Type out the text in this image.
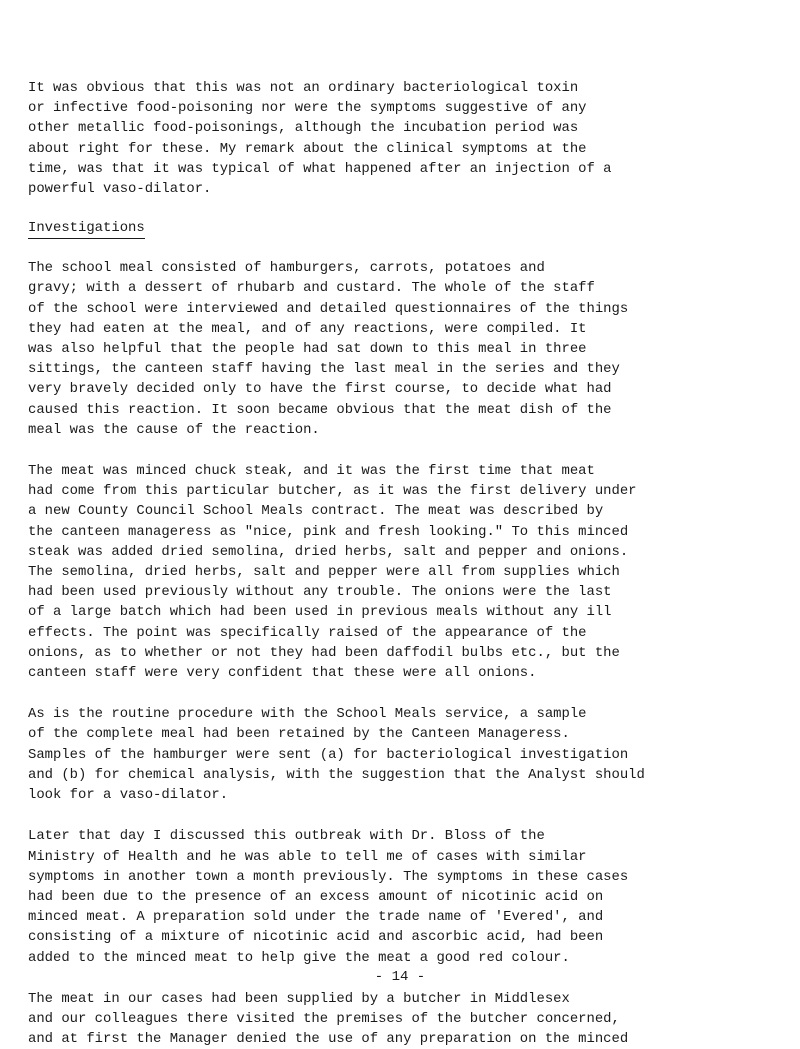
It was obvious that this was not an ordinary bacteriological toxin
or infective food-poisoning nor were the symptoms suggestive of any
other metallic food-poisonings, although the incubation period was
about right for these. My remark about the clinical symptoms at the
time, was that it was typical of what happened after an injection of a
powerful vaso-dilator.

Investigations

The school meal consisted of hamburgers, carrots, potatoes and
gravy; with a dessert of rhubarb and custard. The whole of the staff
of the school were interviewed and detailed questionnaires of the things
they had eaten at the meal, and of any reactions, were compiled. It
was also helpful that the people had sat down to this meal in three
sittings, the canteen staff having the last meal in the series and they
very bravely decided only to have the first course, to decide what had
caused this reaction. It soon became obvious that the meat dish of the
meal was the cause of the reaction.

The meat was minced chuck steak, and it was the first time that meat
had come from this particular butcher, as it was the first delivery under
a new County Council School Meals contract. The meat was described by
the canteen manageress as "nice, pink and fresh looking." To this minced
steak was added dried semolina, dried herbs, salt and pepper and onions.
The semolina, dried herbs, salt and pepper were all from supplies which
had been used previously without any trouble. The onions were the last
of a large batch which had been used in previous meals without any ill
effects. The point was specifically raised of the appearance of the
onions, as to whether or not they had been daffodil bulbs etc., but the
canteen staff were very confident that these were all onions.

As is the routine procedure with the School Meals service, a sample
of the complete meal had been retained by the Canteen Manageress.
Samples of the hamburger were sent (a) for bacteriological investigation
and (b) for chemical analysis, with the suggestion that the Analyst should
look for a vaso-dilator.

Later that day I discussed this outbreak with Dr. Bloss of the
Ministry of Health and he was able to tell me of cases with similar
symptoms in another town a month previously. The symptoms in these cases
had been due to the presence of an excess amount of nicotinic acid on
minced meat. A preparation sold under the trade name of 'Evered', and
consisting of a mixture of nicotinic acid and ascorbic acid, had been
added to the minced meat to help give the meat a good red colour.

The meat in our cases had been supplied by a butcher in Middlesex
and our colleagues there visited the premises of the butcher concerned,
and at first the Manager denied the use of any preparation on the minced

- 14 -
